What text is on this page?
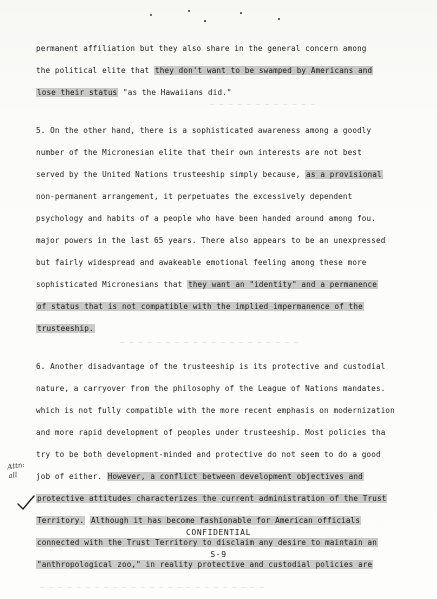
~ ~ ~ ~ ~ ~ ~ ~ ~ ~ ~ ~
~ ~ ~ ~ ~ ~ ~ ~ ~ ~ ~ ~ ~ ~ ~ ~ ~ ~ ~ ~
~ ~ ~ ~ ~ ~ ~ ~ ~ ~ ~ ~ ~ ~ ~ ~ ~ ~ ~ ~ ~ ~ ~ ~ ~
permanent affiliation but they also share in the general concern among
the political elite that they don't want to be swamped by Americans and
lose their status "as the Hawaiians did."
5. On the other hand, there is a sophisticated awareness among a goodly
number of the Micronesian elite that their own interests are not best
served by the United Nations trusteeship simply because, as a provisional
non-permanent arrangement, it perpetuates the excessively dependent
psychology and habits of a people who have been handed around among fou.
major powers in the last 65 years. There also appears to be an unexpressed
but fairly widespread and awakeable emotional feeling among these more
sophisticated Micronesians that they want an "identity" and a permanence
of status that is not compatible with the implied impermanence of the
trusteeship.
6. Another disadvantage of the trusteeship is its protective and custodial
nature, a carryover from the philosophy of the League of Nations mandates.
which is not fully compatible with the more recent emphasis on modernization
and more rapid development of peoples under trusteeship. Most policies tha
try to be both development-minded and protective do not seem to do a good
job of either. However, a conflict between development objectives and
protective attitudes characterizes the current administration of the Trust
Territory. Although it has become fashionable for American officials
connected with the Trust Territory to disclaim any desire to maintain an
"anthropological zoo," in reality protective and custodial policies are
Attn:
all
CONFIDENTIAL
S-9
